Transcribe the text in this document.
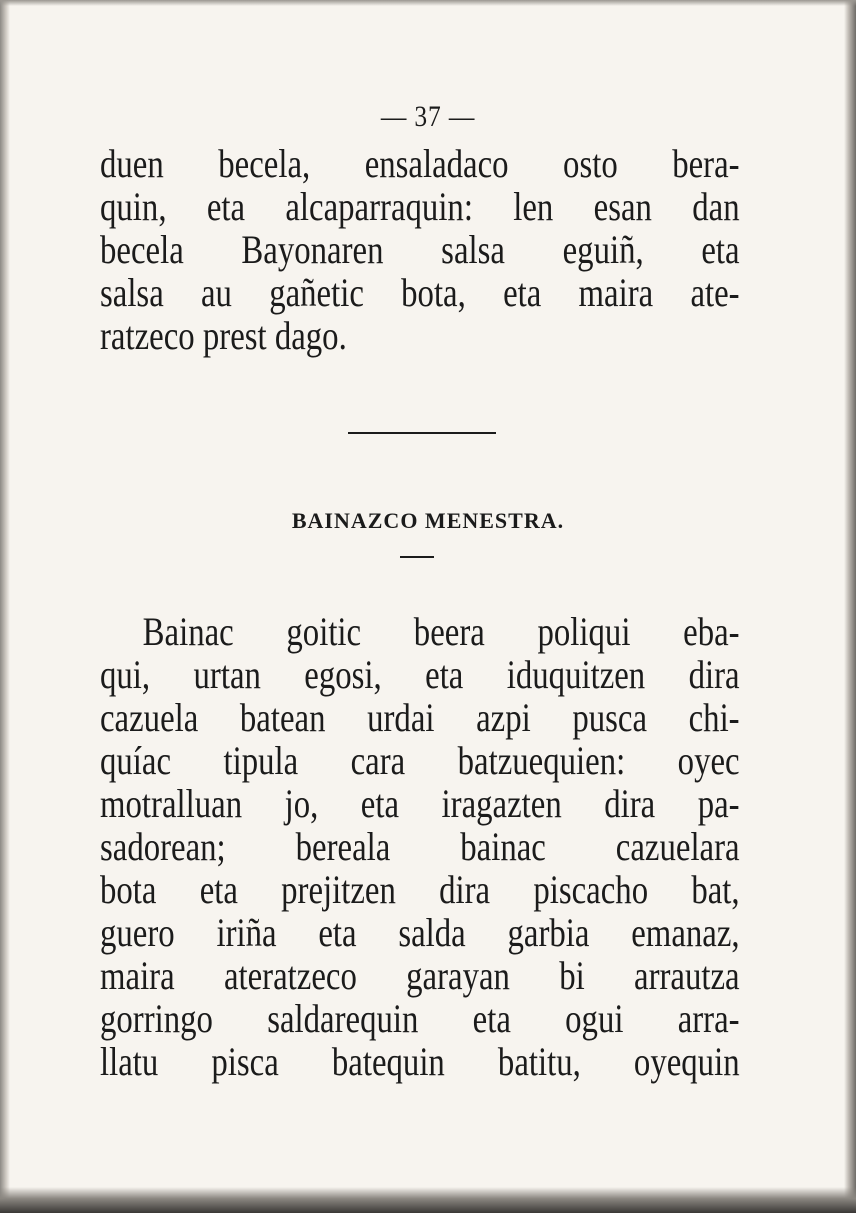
— 37 —
duen becela, ensaladaco osto bera-
quin, eta alcaparraquin: len esan dan
becela Bayonaren salsa eguiñ, eta
salsa au gañetic bota, eta maira ate-
ratzeco prest dago.
BAINAZCO MENESTRA.
Bainac goitic beera poliqui eba-
qui, urtan egosi, eta iduquitzen dira
cazuela batean urdai azpi pusca chi-
quíac tipula cara batzuequien: oyec
motralluan jo, eta iragazten dira pa-
sadorean; bereala bainac cazuelara
bota eta prejitzen dira piscacho bat,
guero iriña eta salda garbia emanaz,
maira ateratzeco garayan bi arrautza
gorringo saldarequin eta ogui arra-
llatu pisca batequin batitu, oyequin
